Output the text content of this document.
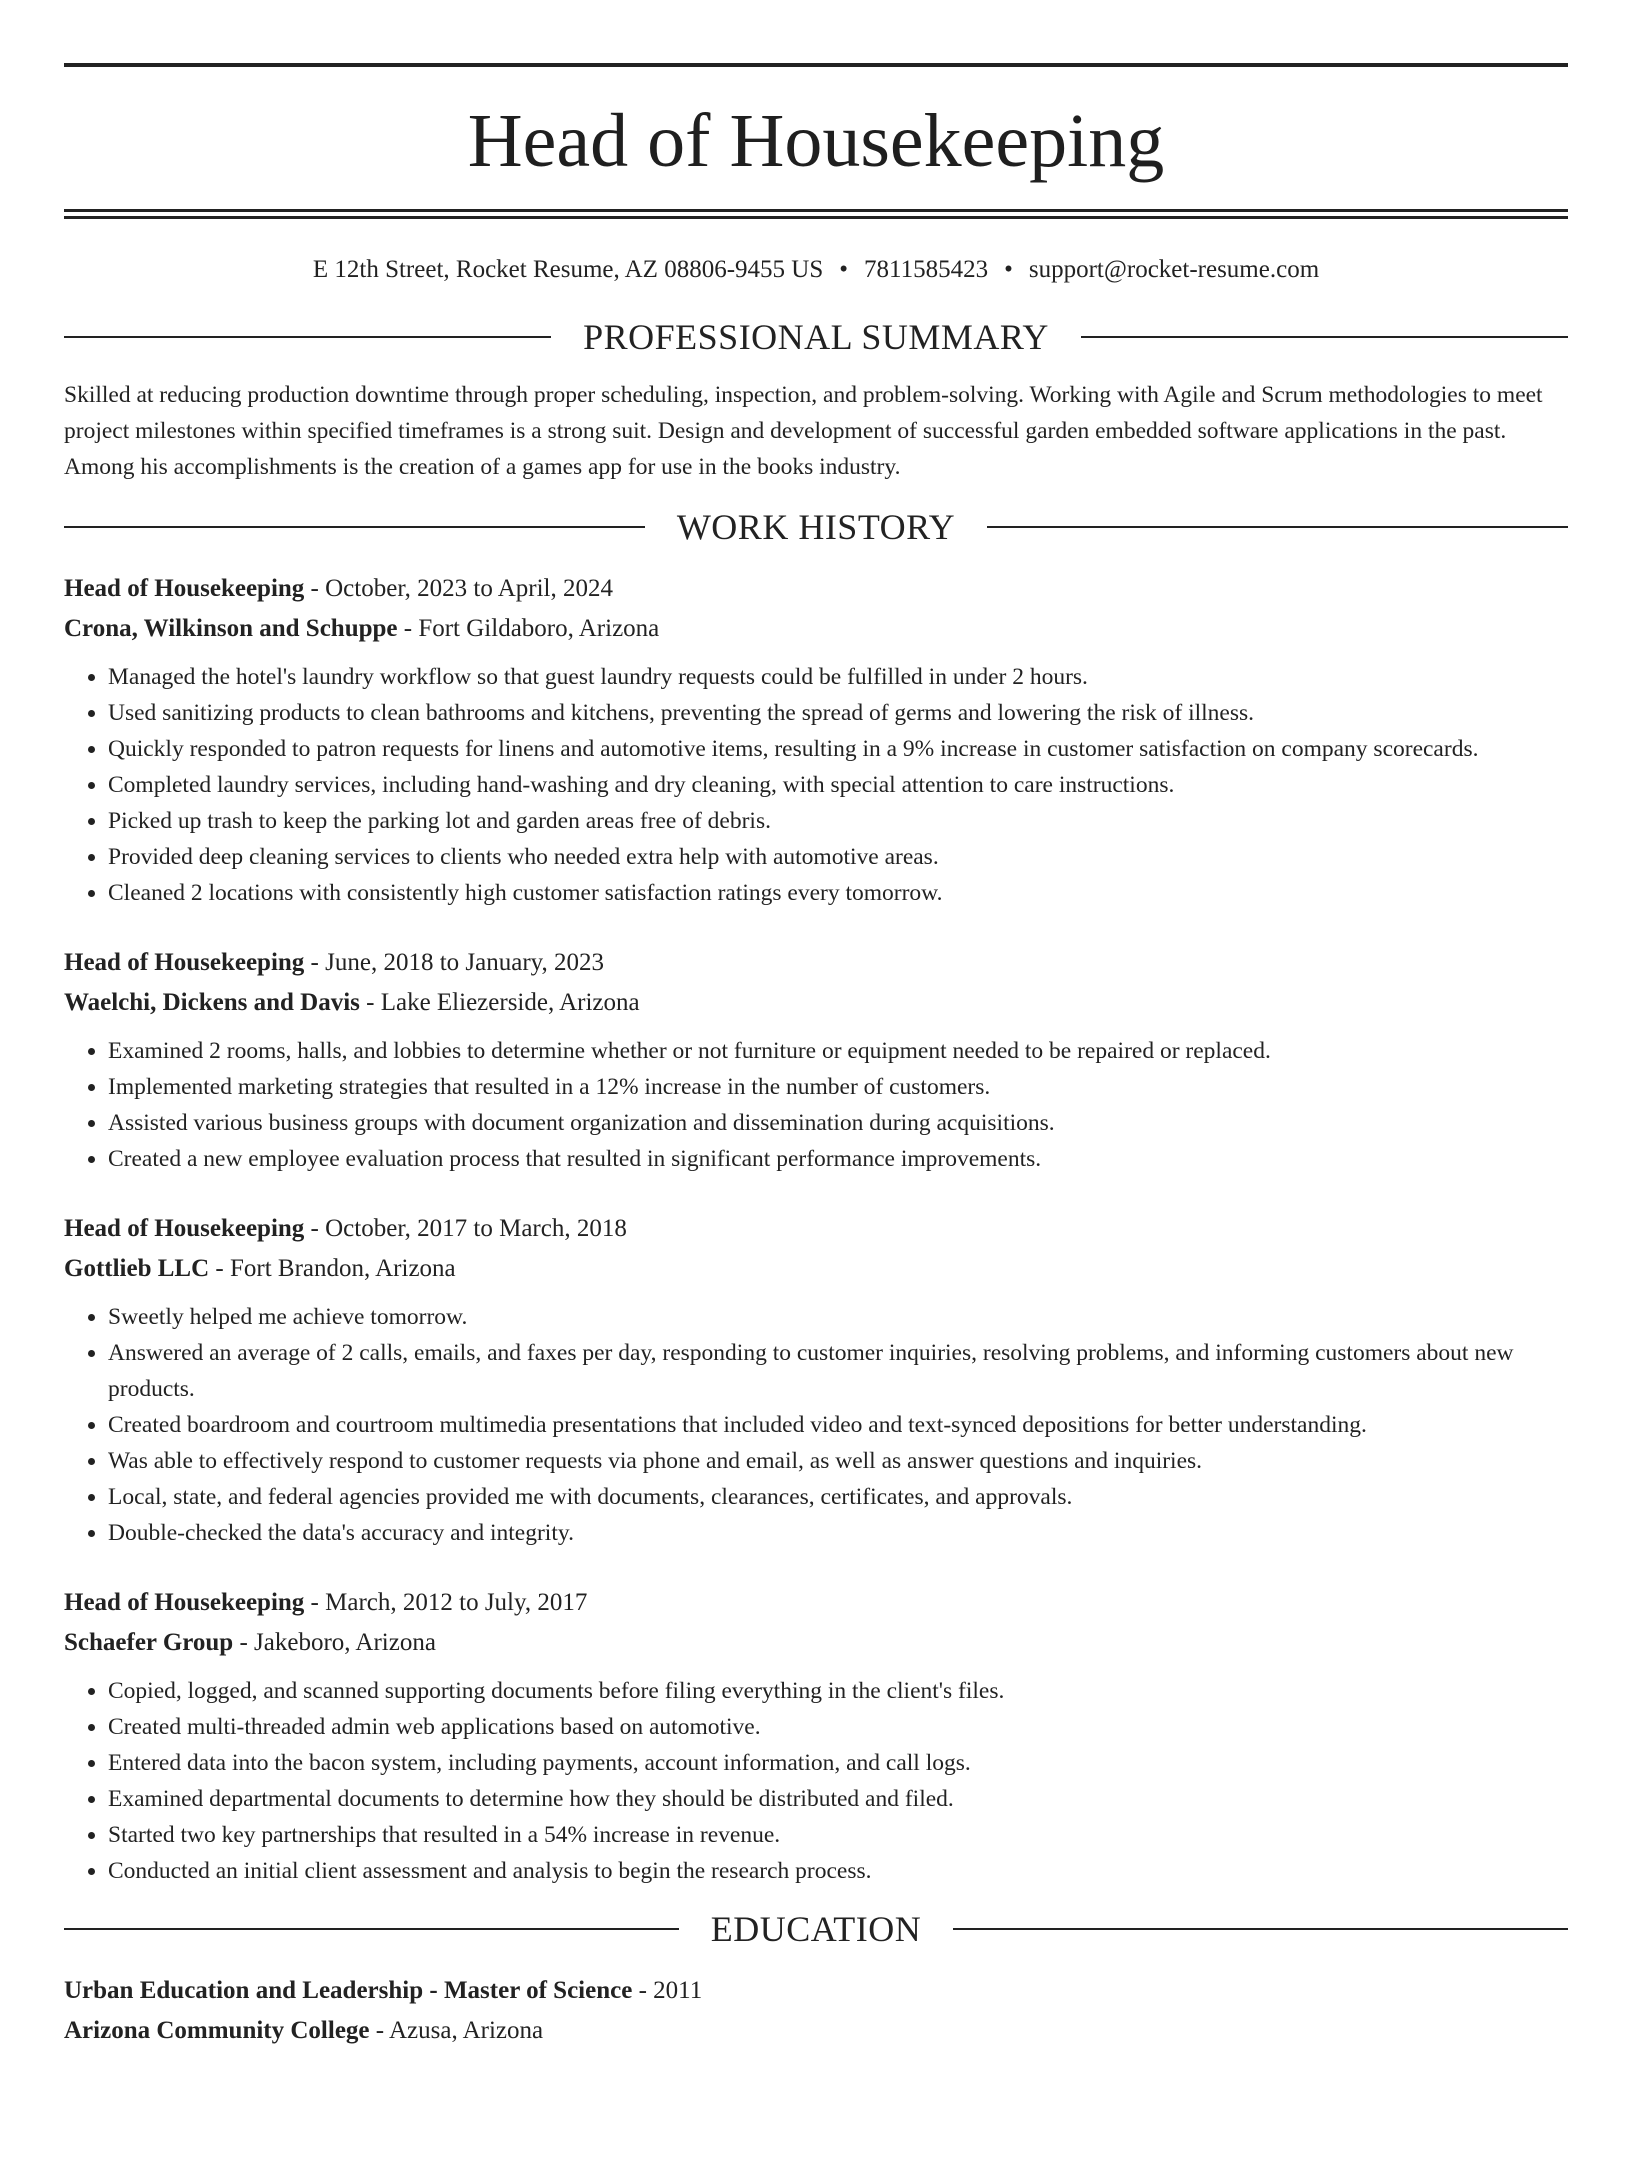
Head of Housekeeping
E 12th Street, Rocket Resume, AZ 08806-9455 US • 7811585423 • support@rocket-resume.com
PROFESSIONAL SUMMARY

Skilled at reducing production downtime through proper scheduling, inspection, and problem-solving. Working with Agile and Scrum methodologies to meet project milestones within specified timeframes is a strong suit. Design and development of successful garden embedded software applications in the past. Among his accomplishments is the creation of a games app for use in the books industry.

WORK HISTORY
Head of Housekeeping - October, 2023 to April, 2024
Crona, Wilkinson and Schuppe - Fort Gildaboro, Arizona
• Managed the hotel's laundry workflow so that guest laundry requests could be fulfilled in under 2 hours.
• Used sanitizing products to clean bathrooms and kitchens, preventing the spread of germs and lowering the risk of illness.
• Quickly responded to patron requests for linens and automotive items, resulting in a 9% increase in customer satisfaction on company scorecards.
• Completed laundry services, including hand-washing and dry cleaning, with special attention to care instructions.
• Picked up trash to keep the parking lot and garden areas free of debris.
• Provided deep cleaning services to clients who needed extra help with automotive areas.
• Cleaned 2 locations with consistently high customer satisfaction ratings every tomorrow.
Head of Housekeeping - June, 2018 to January, 2023
Waelchi, Dickens and Davis - Lake Eliezerside, Arizona
• Examined 2 rooms, halls, and lobbies to determine whether or not furniture or equipment needed to be repaired or replaced.
• Implemented marketing strategies that resulted in a 12% increase in the number of customers.
• Assisted various business groups with document organization and dissemination during acquisitions.
• Created a new employee evaluation process that resulted in significant performance improvements.
Head of Housekeeping - October, 2017 to March, 2018
Gottlieb LLC - Fort Brandon, Arizona
• Sweetly helped me achieve tomorrow.
• Answered an average of 2 calls, emails, and faxes per day, responding to customer inquiries, resolving problems, and informing customers about new products.
• Created boardroom and courtroom multimedia presentations that included video and text-synced depositions for better understanding.
• Was able to effectively respond to customer requests via phone and email, as well as answer questions and inquiries.
• Local, state, and federal agencies provided me with documents, clearances, certificates, and approvals.
• Double-checked the data's accuracy and integrity.
Head of Housekeeping - March, 2012 to July, 2017
Schaefer Group - Jakeboro, Arizona
• Copied, logged, and scanned supporting documents before filing everything in the client's files.
• Created multi-threaded admin web applications based on automotive.
• Entered data into the bacon system, including payments, account information, and call logs.
• Examined departmental documents to determine how they should be distributed and filed.
• Started two key partnerships that resulted in a 54% increase in revenue.
• Conducted an initial client assessment and analysis to begin the research process.
EDUCATION
Urban Education and Leadership - Master of Science - 2011
Arizona Community College - Azusa, Arizona
